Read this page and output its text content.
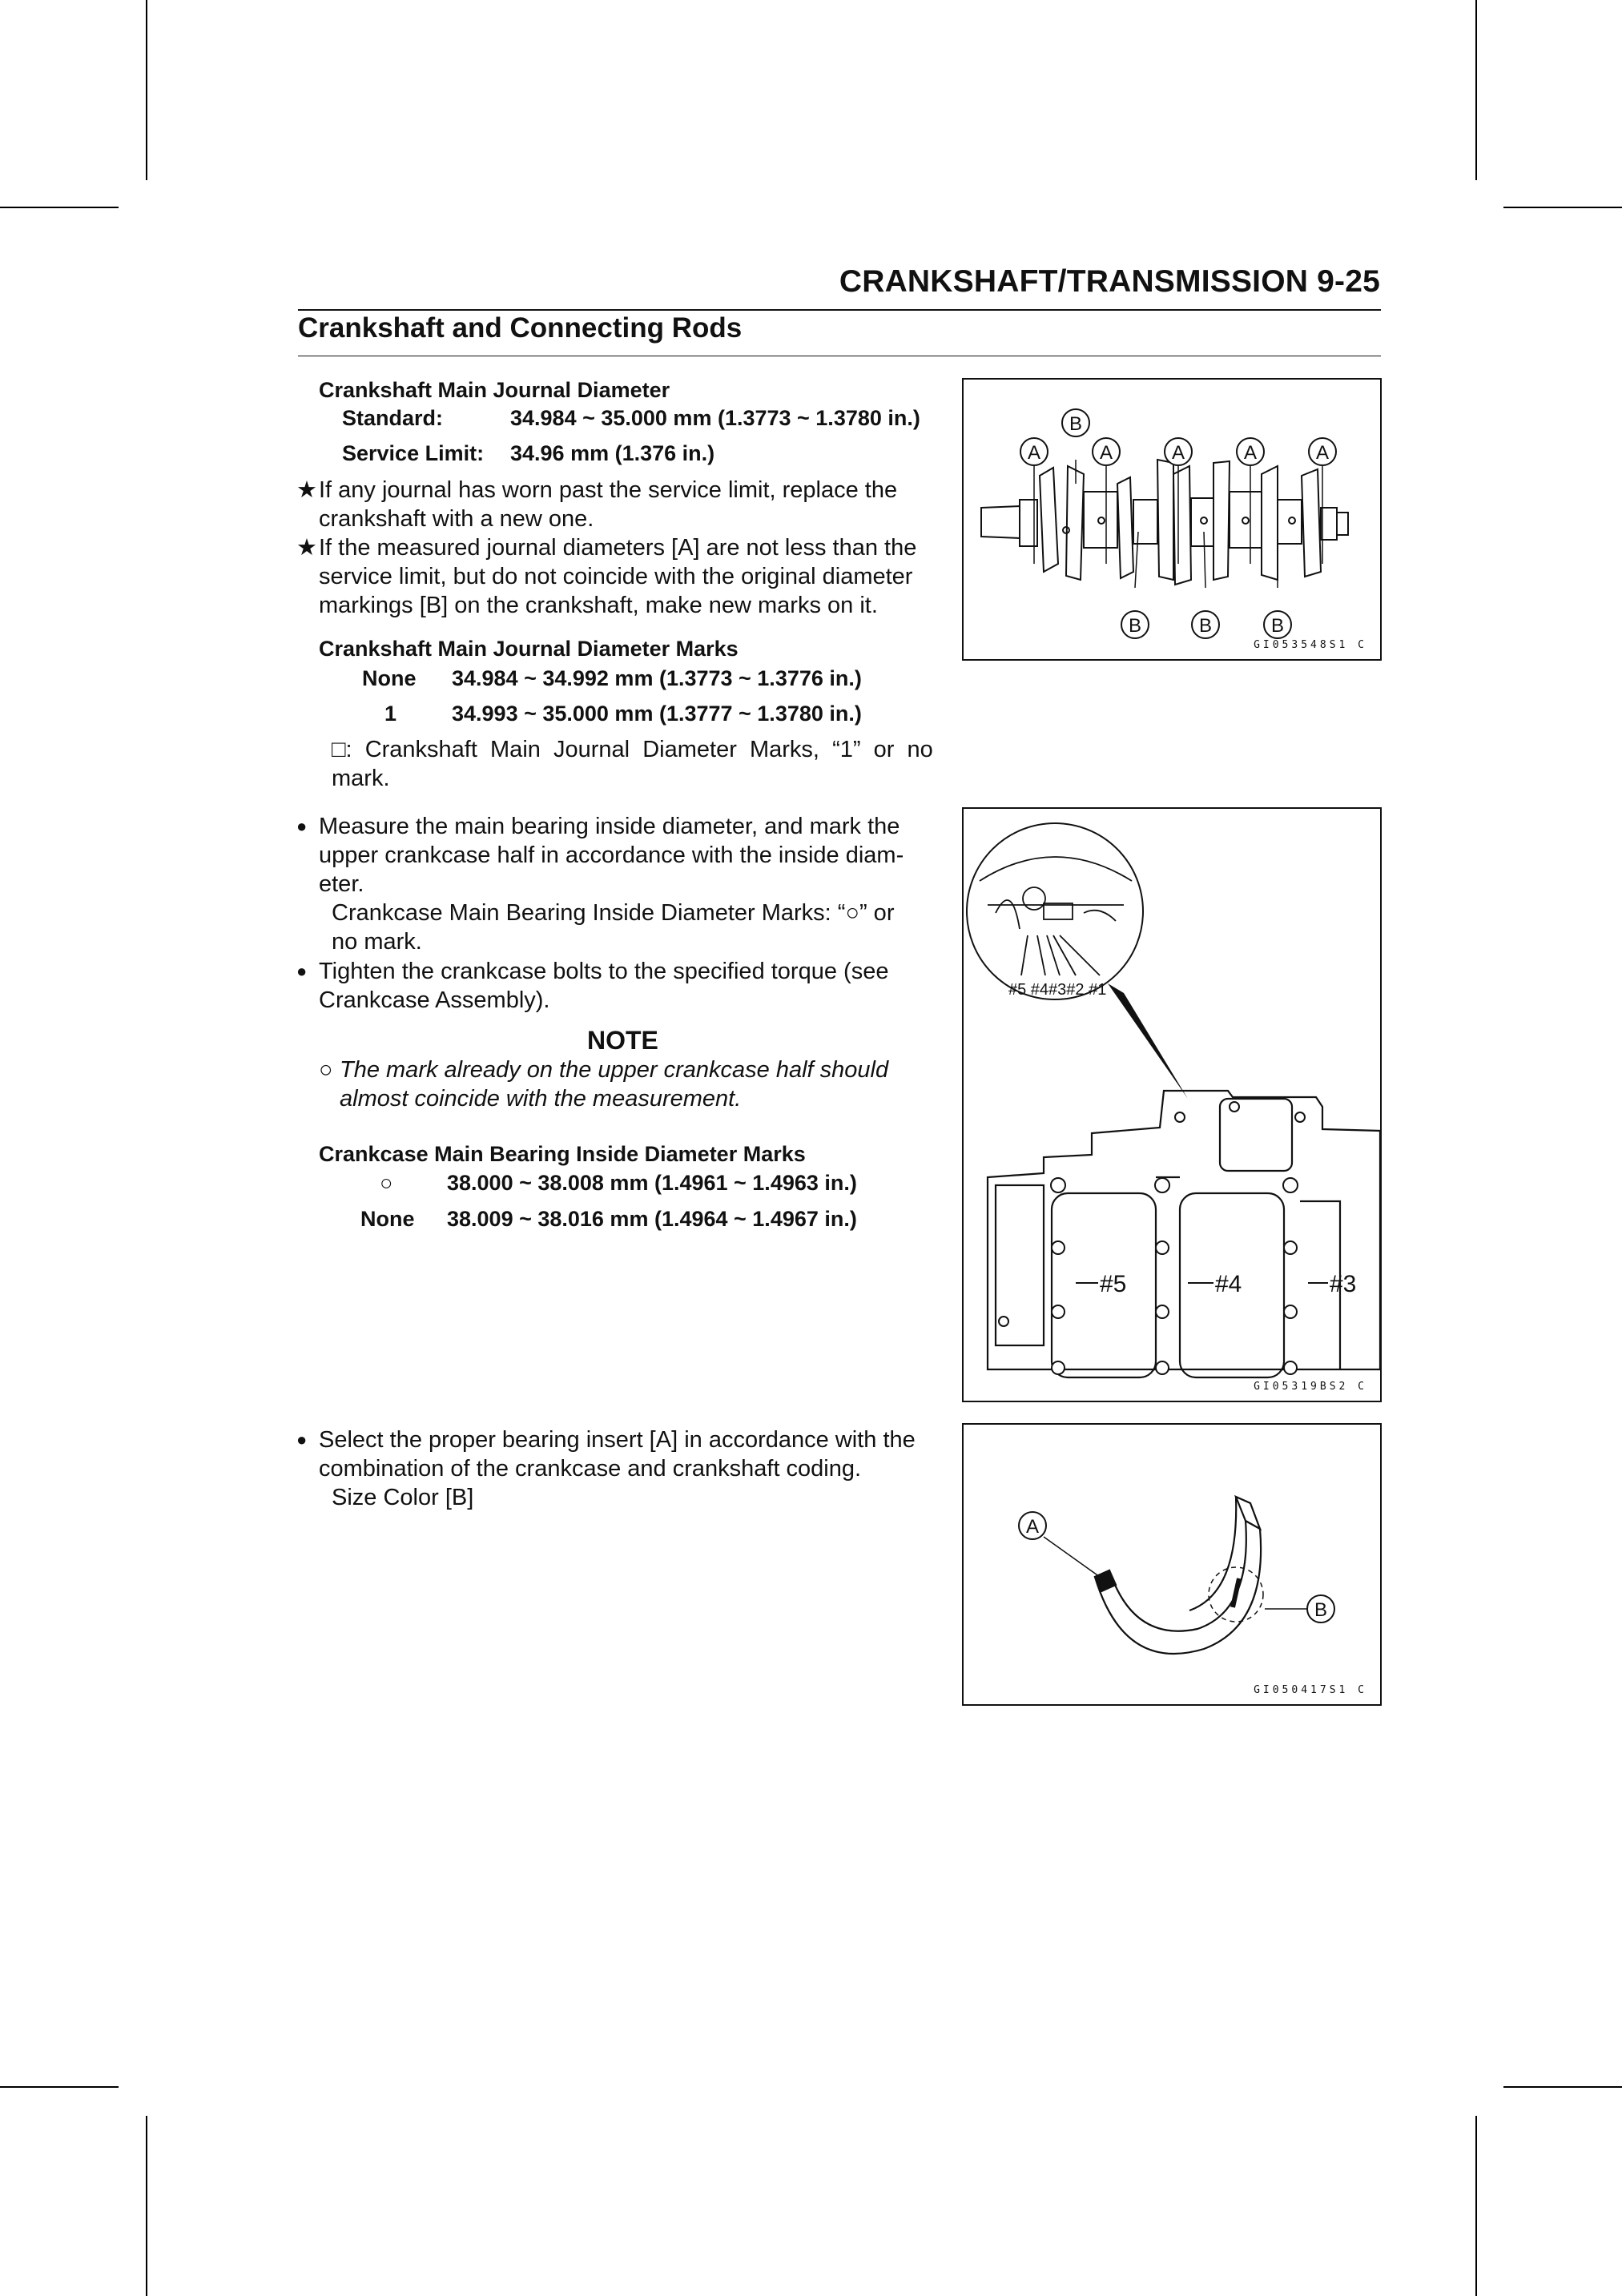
CRANKSHAFT/TRANSMISSION 9-25
Crankshaft and Connecting Rods
Crankshaft Main Journal Diameter
Standard:	34.984 ~ 35.000 mm (1.3773 ~ 1.3780 in.)
Service Limit: 34.96 mm (1.376 in.)
★ If any journal has worn past the service limit, replace the
crankshaft with a new one.
★ If the measured journal diameters [A] are not less than the
service limit, but do not coincide with the original diameter
markings [B] on the crankshaft, make new marks on it.
Crankshaft Main Journal Diameter Marks
None 34.984 ~ 34.992 mm (1.3773 ~ 1.3776 in.)
1	34.993 ~ 35.000 mm (1.3777 ~ 1.3780 in.)
□:  Crankshaft  Main  Journal  Diameter  Marks,  “1”  or  no
mark.
● Measure the main bearing inside diameter, and mark the
upper crankcase half in accordance with the inside diam-
eter.
Crankcase Main Bearing Inside Diameter Marks: “○” or
no mark.
● Tighten the crankcase bolts to the specified torque (see
Crankcase Assembly).
NOTE
○ The mark already on the upper crankcase half should
almost coincide with the measurement.
Crankcase Main Bearing Inside Diameter Marks
○	38.000 ~ 38.008 mm (1.4961 ~ 1.4963 in.)
None 38.009 ~ 38.016 mm (1.4964 ~ 1.4967 in.)
● Select the proper bearing insert [A] in accordance with the
combination of the crankcase and crankshaft coding.
Size Color [B]
A	A	A	A	A
B
B	B	B
GI053548S1 C
#5 #4#3#2 #1
#5	#4	#3
GI05319BS2 C
A
B
GI050417S1 C
